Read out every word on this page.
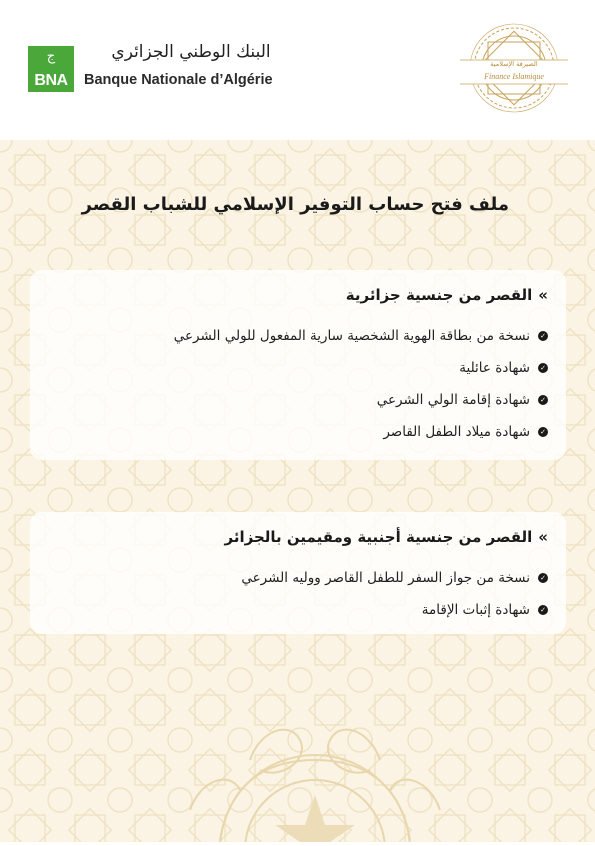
ج
BNA
البنك الوطني الجزائري
Banque Nationale d’Algérie
الصيرفة الإسلامية
Finance Islamique
ملف فتح حساب التوفير الإسلامي للشباب القصر
»القصر من جنسية جزائرية
✓
نسخة من بطاقة الهوية الشخصية سارية المفعول للولي الشرعي
✓
شهادة عائلية
✓
شهادة إقامة الولي الشرعي
✓
شهادة ميلاد الطفل القاصر
»القصر من جنسية أجنبية ومقيمين بالجزائر
✓
نسخة من جواز السفر للطفل القاصر ووليه الشرعي
✓
شهادة إثبات الإقامة
